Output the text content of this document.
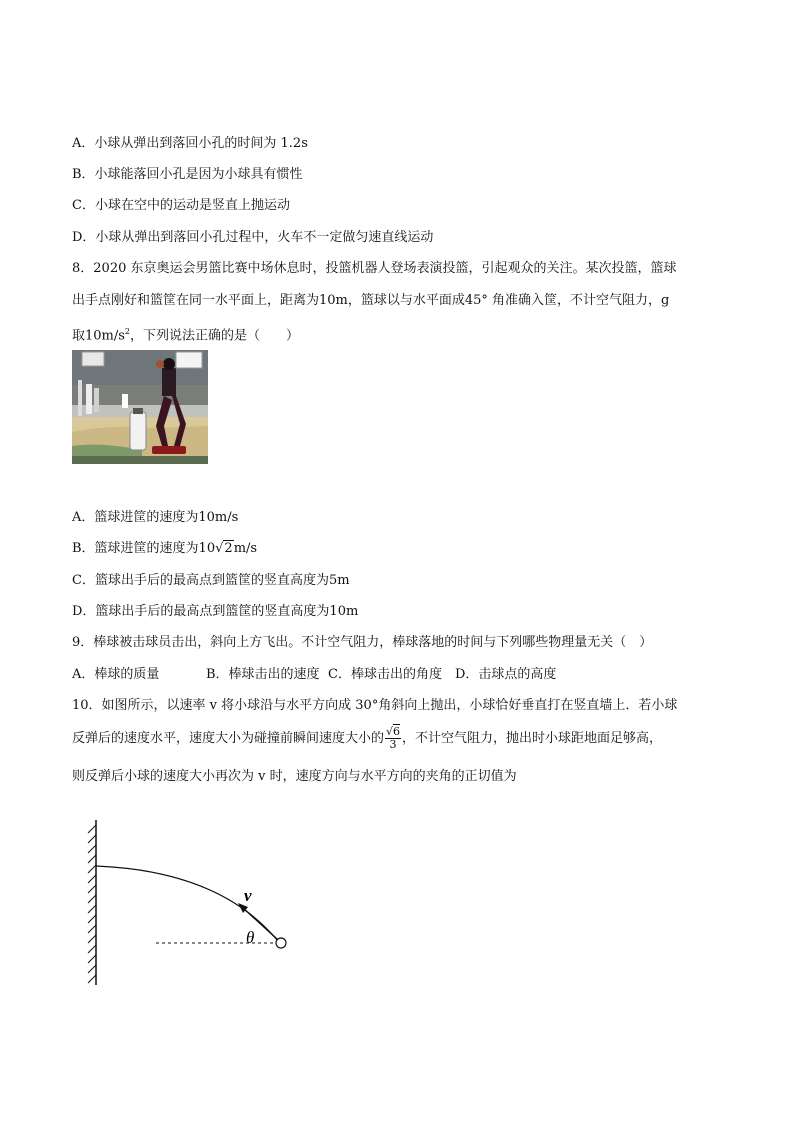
A．小球从弹出到落回小孔的时间为 1.2s
B．小球能落回小孔是因为小球具有惯性
C．小球在空中的运动是竖直上抛运动
D．小球从弹出到落回小孔过程中，火车不一定做匀速直线运动
8．2020 东京奥运会男篮比赛中场休息时，投篮机器人登场表演投篮，引起观众的关注。某次投篮，篮球
出手点刚好和篮筐在同一水平面上，距离为10m，篮球以与水平面成45° 角准确入筐，不计空气阻力，g
取$10m/s^2$，下列说法正确的是（　　）
A．篮球进筐的速度为10m/s
B．篮球进筐的速度为10√2m/s
C．篮球出手后的最高点到篮筐的竖直高度为5m
D．篮球出手后的最高点到篮筐的竖直高度为10m
9．棒球被击球员击出，斜向上方飞出。不计空气阻力，棒球落地的时间与下列哪些物理量无关（　）
A．棒球的质量	B．棒球击出的速度 C．棒球击出的角度 D．击球点的高度
10．如图所示，以速率 v 将小球沿与水平方向成 30°角斜向上抛出，小球恰好垂直打在竖直墙上．若小球
反弹后的速度水平，速度大小为碰撞前瞬间速度大小的 $\frac{√6}{3}$ ，不计空气阻力，抛出时小球距地面足够高，
则反弹后小球的速度大小再次为 v 时，速度方向与水平方向的夹角的正切值为
v
θ
